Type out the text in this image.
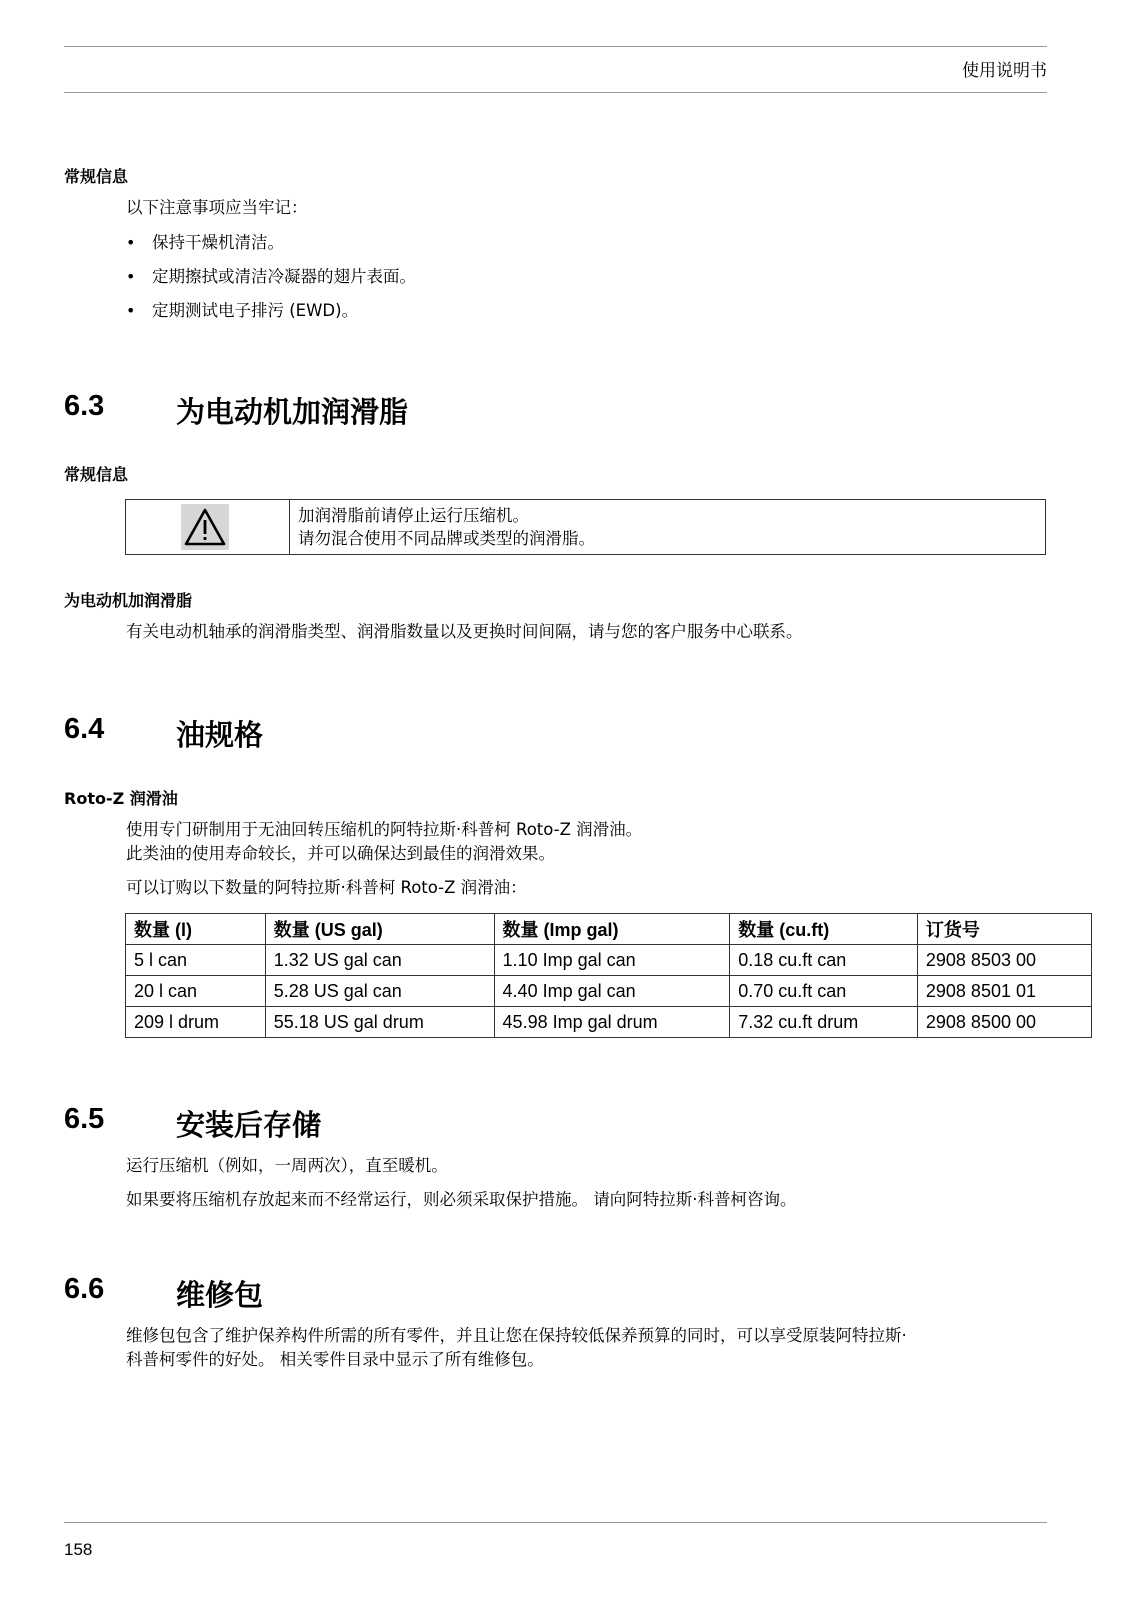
使用说明书
常规信息
以下注意事项应当牢记：
• 保持干燥机清洁。
• 定期擦拭或清洁冷凝器的翅片表面。
• 定期测试电子排污 (EWD)。
6.3 为电动机加润滑脂
常规信息
加润滑脂前请停止运行压缩机。
请勿混合使用不同品牌或类型的润滑脂。
为电动机加润滑脂
有关电动机轴承的润滑脂类型、润滑脂数量以及更换时间间隔，请与您的客户服务中心联系。
6.4 油规格
Roto-Z 润滑油
使用专门研制用于无油回转压缩机的阿特拉斯·科普柯 Roto-Z 润滑油。
此类油的使用寿命较长，并可以确保达到最佳的润滑效果。
可以订购以下数量的阿特拉斯·科普柯 Roto-Z 润滑油：
数量 (l)	数量 (US gal)	数量 (Imp gal)	数量 (cu.ft)	订货号
5 l can	1.32 US gal can	1.10 Imp gal can	0.18 cu.ft can	2908 8503 00
20 l can	5.28 US gal can	4.40 Imp gal can	0.70 cu.ft can	2908 8501 01
209 l drum	55.18 US gal drum	45.98 Imp gal drum	7.32 cu.ft drum	2908 8500 00
6.5 安装后存储
运行压缩机（例如，一周两次），直至暖机。
如果要将压缩机存放起来而不经常运行，则必须采取保护措施。 请向阿特拉斯·科普柯咨询。
6.6 维修包
维修包包含了维护保养构件所需的所有零件，并且让您在保持较低保养预算的同时，可以享受原装阿特拉斯·
科普柯零件的好处。 相关零件目录中显示了所有维修包。
158
